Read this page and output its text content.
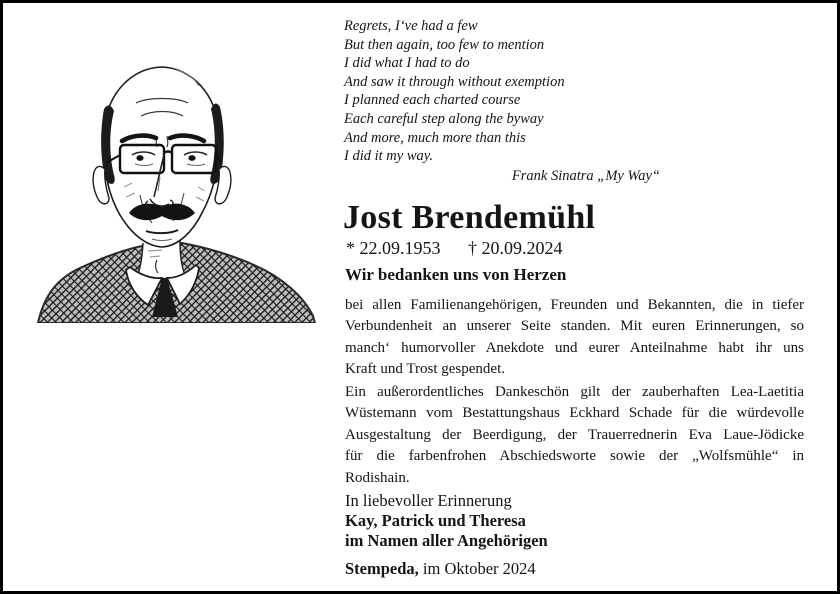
Regrets, I‘ve had a few
But then again, too few to mention
I did what I had to do
And saw it through without exemption
I planned each charted course
Each careful step along the byway
And more, much more than this
I did it my way.
Frank Sinatra „My Way“
Jost Brendemühl
* 22.09.1953 † 20.09.2024
Wir bedanken uns von Herzen
bei allen Familienangehörigen, Freunden und Bekannten, die in tiefer
Verbundenheit an unserer Seite standen. Mit euren Erinnerungen, so
manch‘ humorvoller Anekdote und eurer Anteilnahme habt ihr uns
Kraft und Trost gespendet.
Ein außerordentliches Dankeschön gilt der zauberhaften Lea-Laetitia
Wüstemann vom Bestattungshaus Eckhard Schade für die würdevolle
Ausgestaltung der Beerdigung, der Trauerrednerin Eva Laue-Jödicke
für die farbenfrohen Abschiedsworte sowie der „Wolfsmühle“ in
Rodishain.
In liebevoller Erinnerung
Kay, Patrick und Theresa
im Namen aller Angehörigen
Stempeda, im Oktober 2024
